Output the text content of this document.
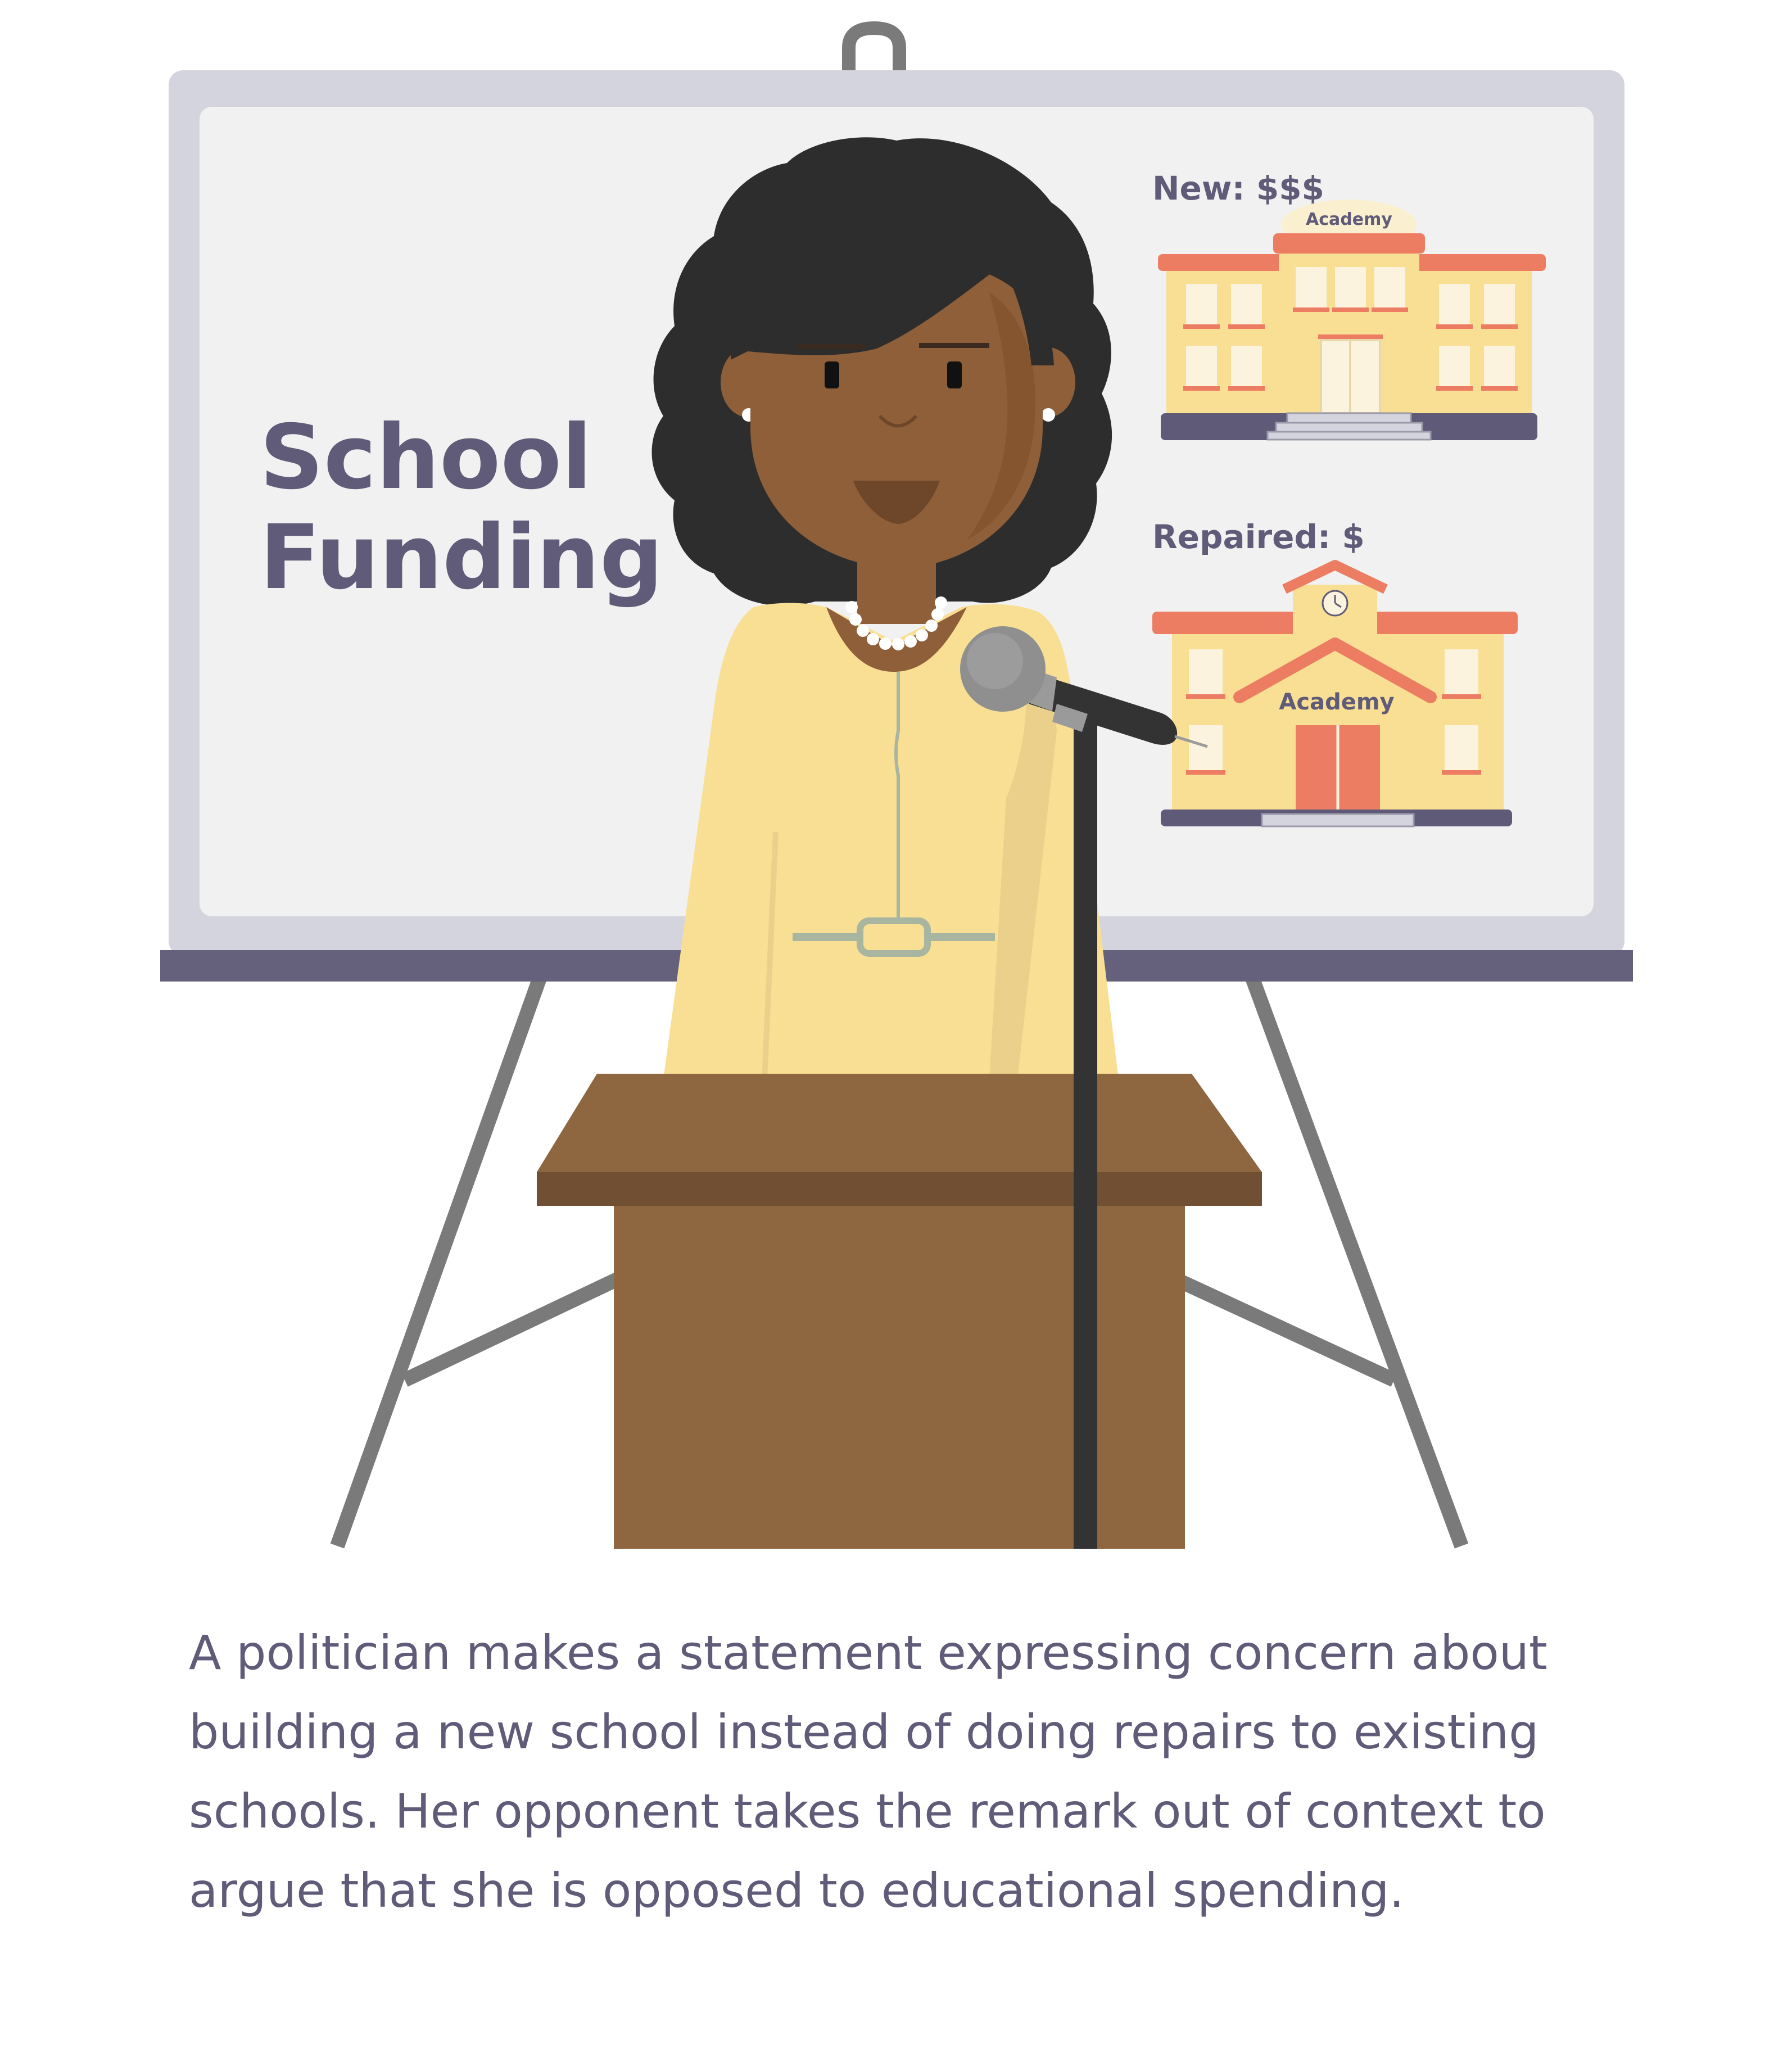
School
Funding
New: $$$
Academy
Repaired: $
Academy
A politician makes a statement expressing concern about
building a new school instead of doing repairs to existing
schools. Her opponent takes the remark out of context to
argue that she is opposed to educational spending.
